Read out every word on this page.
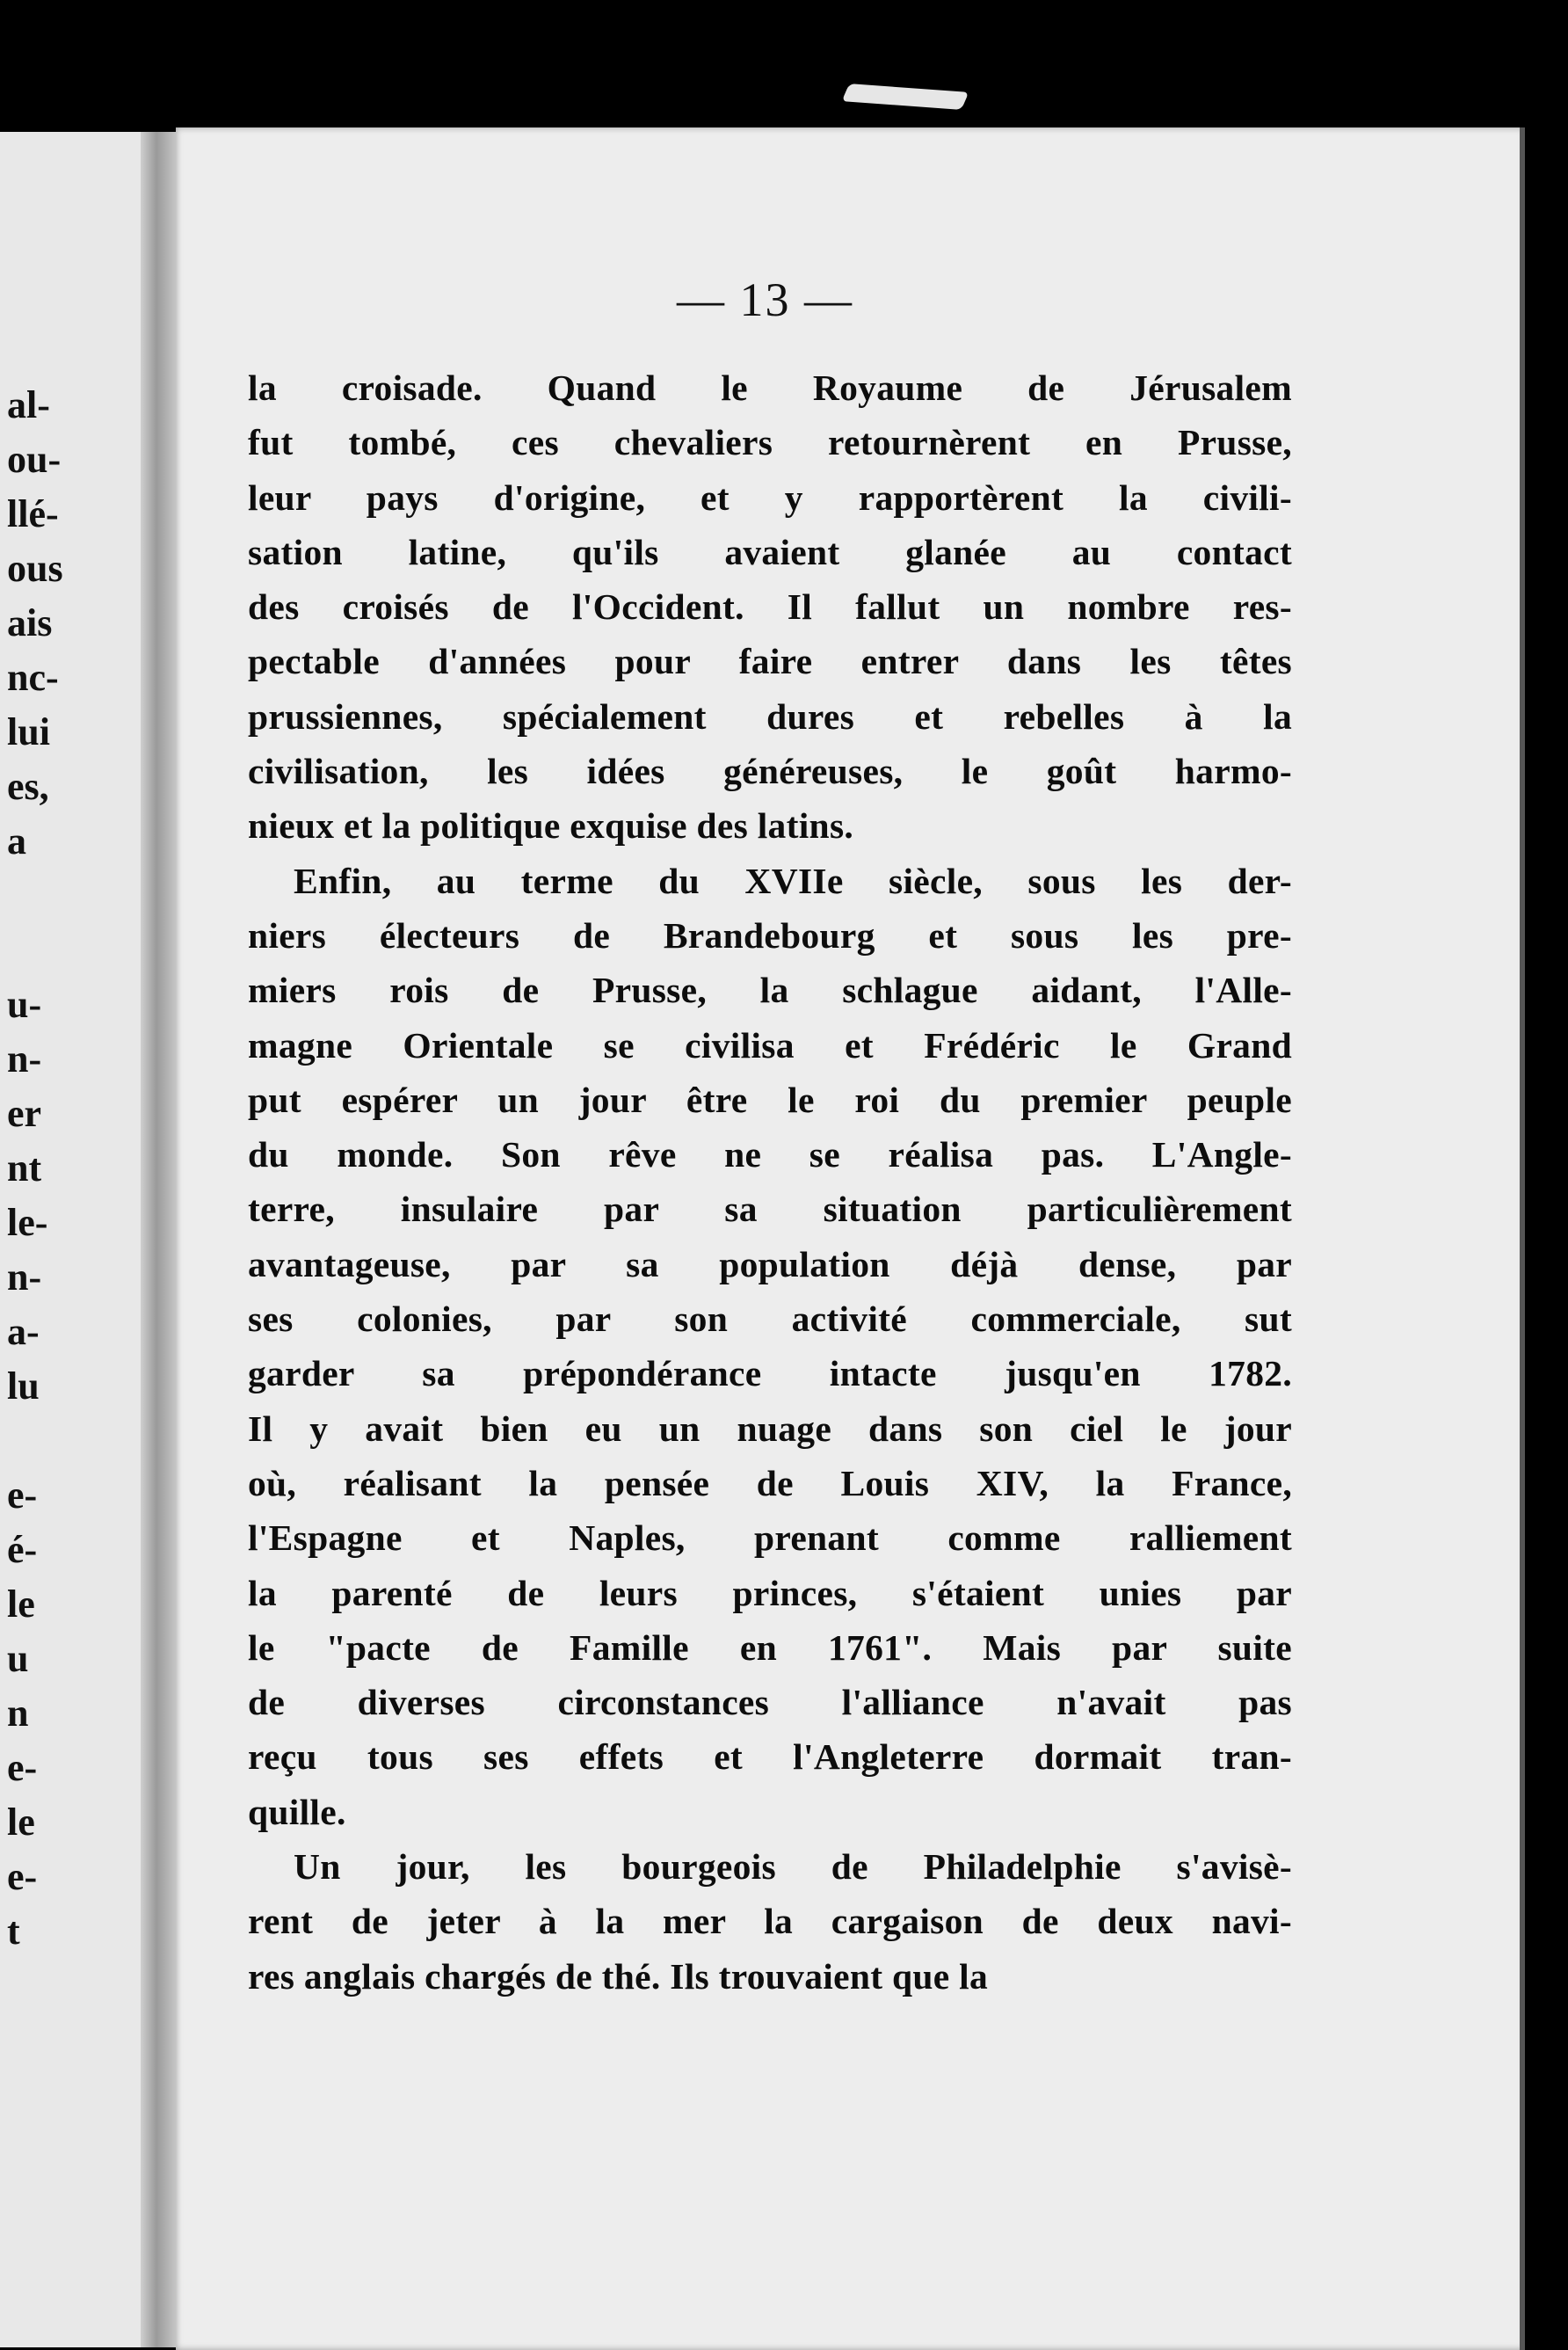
al-
ou-
llé-
ous
ais
nc-
lui
es,
a
u-
n-
er
nt
le-
n-
a-
lu
e-
é-
le
u
n
e-
le
e-
t
— 13 —
la croisade. Quand le Royaume de Jérusalem
fut tombé, ces chevaliers retournèrent en Prusse,
leur pays d'origine, et y rapportèrent la civili-
sation latine, qu'ils avaient glanée au contact
des croisés de l'Occident. Il fallut un nombre res-
pectable d'années pour faire entrer dans les têtes
prussiennes, spécialement dures et rebelles à la
civilisation, les idées généreuses, le goût harmo-
nieux et la politique exquise des latins.
Enfin, au terme du XVIIe siècle, sous les der-
niers électeurs de Brandebourg et sous les pre-
miers rois de Prusse, la schlague aidant, l'Alle-
magne Orientale se civilisa et Frédéric le Grand
put espérer un jour être le roi du premier peuple
du monde. Son rêve ne se réalisa pas. L'Angle-
terre, insulaire par sa situation particulièrement
avantageuse, par sa population déjà dense, par
ses colonies, par son activité commerciale, sut
garder sa prépondérance intacte jusqu'en 1782.
Il y avait bien eu un nuage dans son ciel le jour
où, réalisant la pensée de Louis XIV, la France,
l'Espagne et Naples, prenant comme ralliement
la parenté de leurs princes, s'étaient unies par
le "pacte de Famille en 1761". Mais par suite
de diverses circonstances l'alliance n'avait pas
reçu tous ses effets et l'Angleterre dormait tran-
quille.
Un jour, les bourgeois de Philadelphie s'avisè-
rent de jeter à la mer la cargaison de deux navi-
res anglais chargés de thé. Ils trouvaient que la
